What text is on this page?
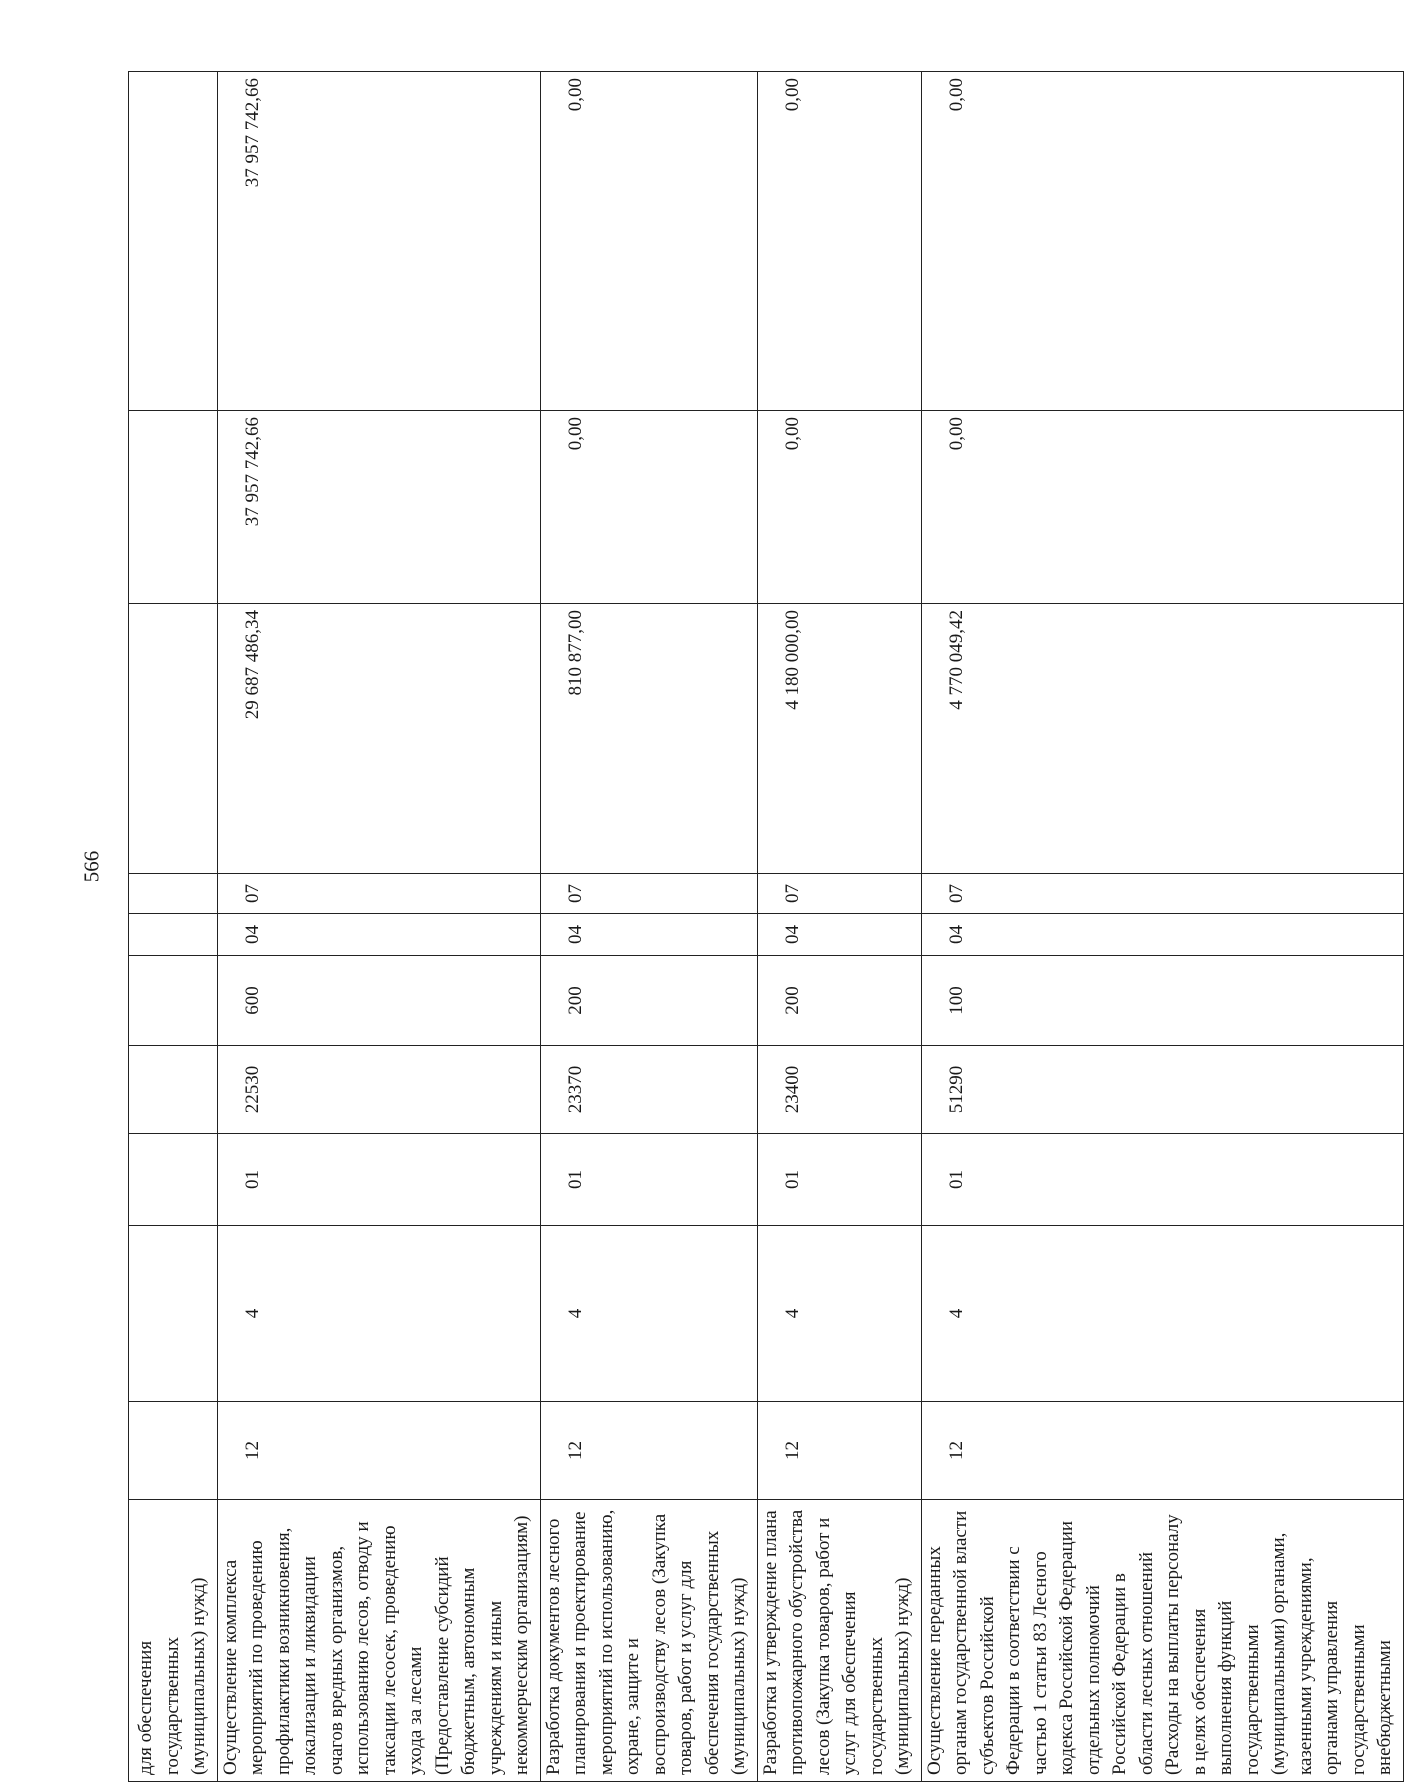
566
для обеспечения государственных (муниципальных) нужд)										
Осуществление комплекса мероприятий по проведению профилактики возникновения, локализации и ликвидации очагов вредных организмов, использованию лесов, отводу и таксации лесосек, проведению ухода за лесами (Предоставление субсидий бюджетным, автономным учреждениям и иным некоммерческим организациям)	12	4	01	22530	600	04	07	29 687 486,34	37 957 742,66	37 957 742,66
Разработка документов лесного планирования и проектирование мероприятий по использованию, охране, защите и воспроизводству лесов (Закупка товаров, работ и услуг для обеспечения государственных (муниципальных) нужд)	12	4	01	23370	200	04	07	810 877,00	0,00	0,00
Разработка и утверждение плана противопожарного обустройства лесов (Закупка товаров, работ и услуг для обеспечения государственных (муниципальных) нужд)	12	4	01	23400	200	04	07	4 180 000,00	0,00	0,00
Осуществление переданных органам государственной власти субъектов Российской Федерации в соответствии с частью 1 статьи 83 Лесного кодекса Российской Федерации отдельных полномочий Российской Федерации в области лесных отношений (Расходы на выплаты персоналу в целях обеспечения выполнения функций государственными (муниципальными) органами, казенными учреждениями, органами управления государственными внебюджетными	12	4	01	51290	100	04	07	4 770 049,42	0,00	0,00
